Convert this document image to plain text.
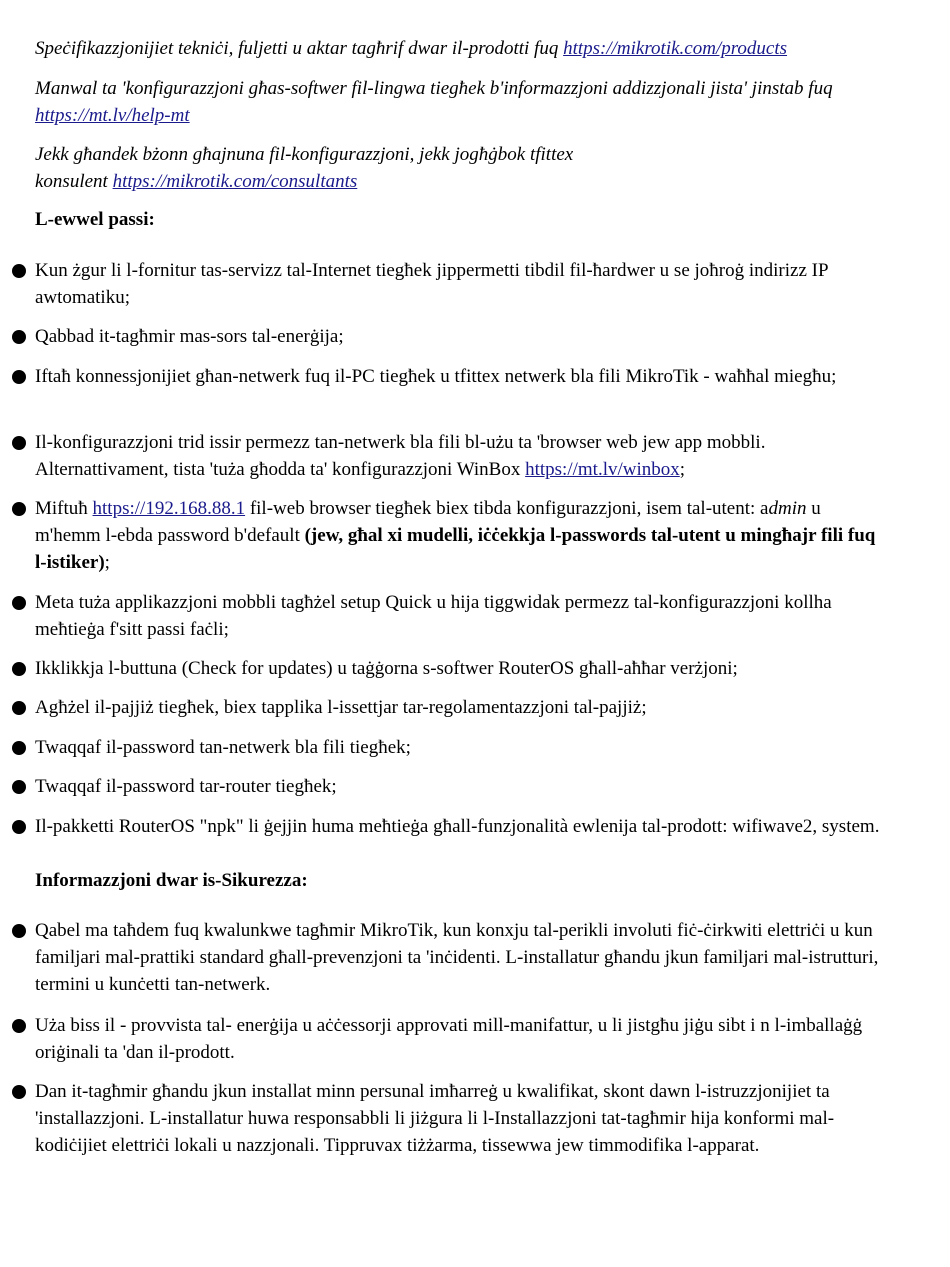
Speċifikazzjonijiet tekniċi, fuljetti u aktar tagħrif dwar il-prodotti fuq https://mikrotik.com/products

Manwal ta 'konfigurazzjoni għas-softwer fil-lingwa tiegħek b'informazzjoni addizzjonali jista' jinstab fuq https://mt.lv/help-mt

Jekk għandek bżonn għajnuna fil-konfigurazzjoni, jekk jogħġbok tfittex konsulent https://mikrotik.com/consultants

L-ewwel passi:

Kun żgur li l-fornitur tas-servizz tal-Internet tiegħek jippermetti tibdil fil-ħardwer u se joħroġ indirizz IP awtomatiku;

Qabbad it-tagħmir mas-sors tal-enerġija;

Iftaħ konnessjonijiet għan-netwerk fuq il-PC tiegħek u tfittex netwerk bla fili MikroTik - waħħal miegħu;

Il-konfigurazzjoni trid issir permezz tan-netwerk bla fili bl-użu ta 'browser web jew app mobbli. Alternattivament, tista 'tuża għodda ta' konfigurazzjoni WinBox https://mt.lv/winbox;

Miftuħ https://192.168.88.1 fil-web browser tiegħek biex tibda konfigurazzjoni, isem tal-utent: admin u m'hemm l-ebda password b'default (jew, għal xi mudelli, iċċekkja l-passwords tal-utent u mingħajr fili fuq l-istiker);

Meta tuża applikazzjoni mobbli tagħżel setup Quick u hija tiggwidak permezz tal-konfigurazzjoni kollha meħtieġa f'sitt passi faċli;

Ikklikkja l-buttuna (Check for updates) u taġġorna s-softwer RouterOS għall-aħħar verżjoni;

Agħżel il-pajjiż tiegħek, biex tapplika l-issettjar tar-regolamentazzjoni tal-pajjiż;

Twaqqaf il-password tan-netwerk bla fili tiegħek;

Twaqqaf il-password tar-router tiegħek;

Il-pakketti RouterOS "npk" li ġejjin huma meħtieġa għall-funzjonalità ewlenija tal-prodott: wifiwave2, system.

Informazzjoni dwar is-Sikurezza:

Qabel ma taħdem fuq kwalunkwe tagħmir MikroTik, kun konxju tal-perikli involuti fiċ-ċirkwiti elettriċi u kun familjari mal-prattiki standard għall-prevenzjoni ta 'inċidenti. L-installatur għandu jkun familjari mal-istrutturi, termini u kunċetti tan-netwerk.

Uża biss il - provvista tal- enerġija u aċċessorji approvati mill-manifattur, u li jistgħu jiġu sibt i n l-imballaġġ oriġinali ta 'dan il-prodott.

Dan it-tagħmir għandu jkun installat minn persunal imħarreġ u kwalifikat, skont dawn l-istruzzjonijiet ta 'installazzjoni. L-installatur huwa responsabbli li jiżgura li l-Installazzjoni tat-tagħmir hija konformi mal-kodiċijiet elettriċi lokali u nazzjonali. Tippruvax tiżżarma, tissewwa jew timmodifika l-apparat.
